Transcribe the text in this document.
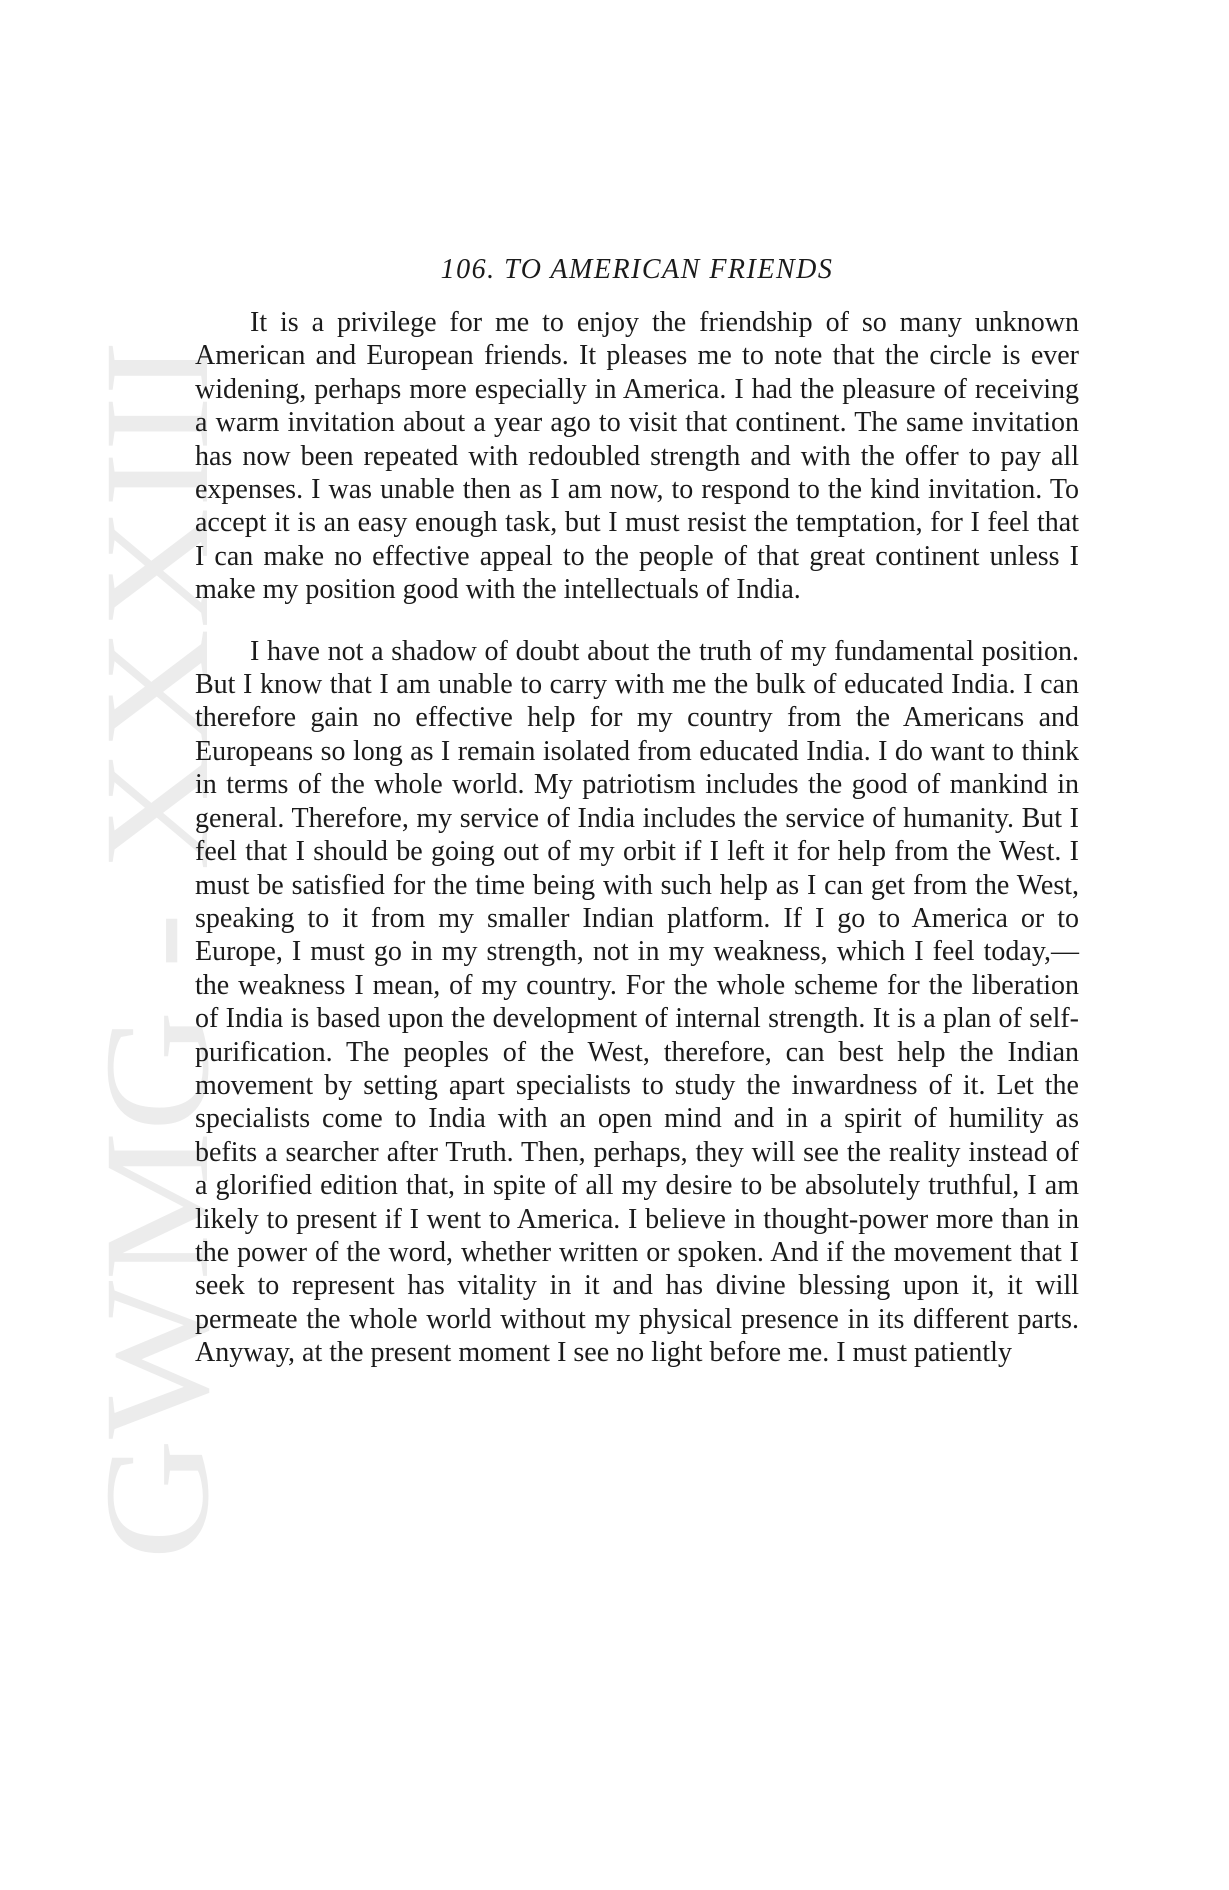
GWMG - XXXIII
106. TO AMERICAN FRIENDS

It is a privilege for me to enjoy the friendship of so many unknown American and European friends. It pleases me to note that the circle is ever widening, perhaps more especially in America. I had the pleasure of receiving a warm invitation about a year ago to visit that continent. The same invitation has now been repeated with redoubled strength and with the offer to pay all expenses. I was unable then as I am now, to respond to the kind invitation. To accept it is an easy enough task, but I must resist the temptation, for I feel that I can make no effective appeal to the people of that great continent unless I make my position good with the intellectuals of India.

I have not a shadow of doubt about the truth of my fundamental position. But I know that I am unable to carry with me the bulk of educated India. I can therefore gain no effective help for my country from the Americans and Europeans so long as I remain isolated from educated India. I do want to think in terms of the whole world. My patriotism includes the good of mankind in general. Therefore, my service of India includes the service of humanity. But I feel that I should be going out of my orbit if I left it for help from the West. I must be satisfied for the time being with such help as I can get from the West, speaking to it from my smaller Indian platform. If I go to America or to Europe, I must go in my strength, not in my weakness, which I feel today,—the weakness I mean, of my country. For the whole scheme for the liberation of India is based upon the development of internal strength. It is a plan of self-purification. The peoples of the West, therefore, can best help the Indian movement by setting apart specialists to study the inwardness of it. Let the specialists come to India with an open mind and in a spirit of humility as befits a searcher after Truth. Then, perhaps, they will see the reality instead of a glorified edition that, in spite of all my desire to be absolutely truthful, I am likely to present if I went to America. I believe in thought-power more than in the power of the word, whether written or spoken. And if the movement that I seek to represent has vitality in it and has divine blessing upon it, it will permeate the whole world without my physical presence in its different parts. Anyway, at the present moment I see no light before me. I must patiently
